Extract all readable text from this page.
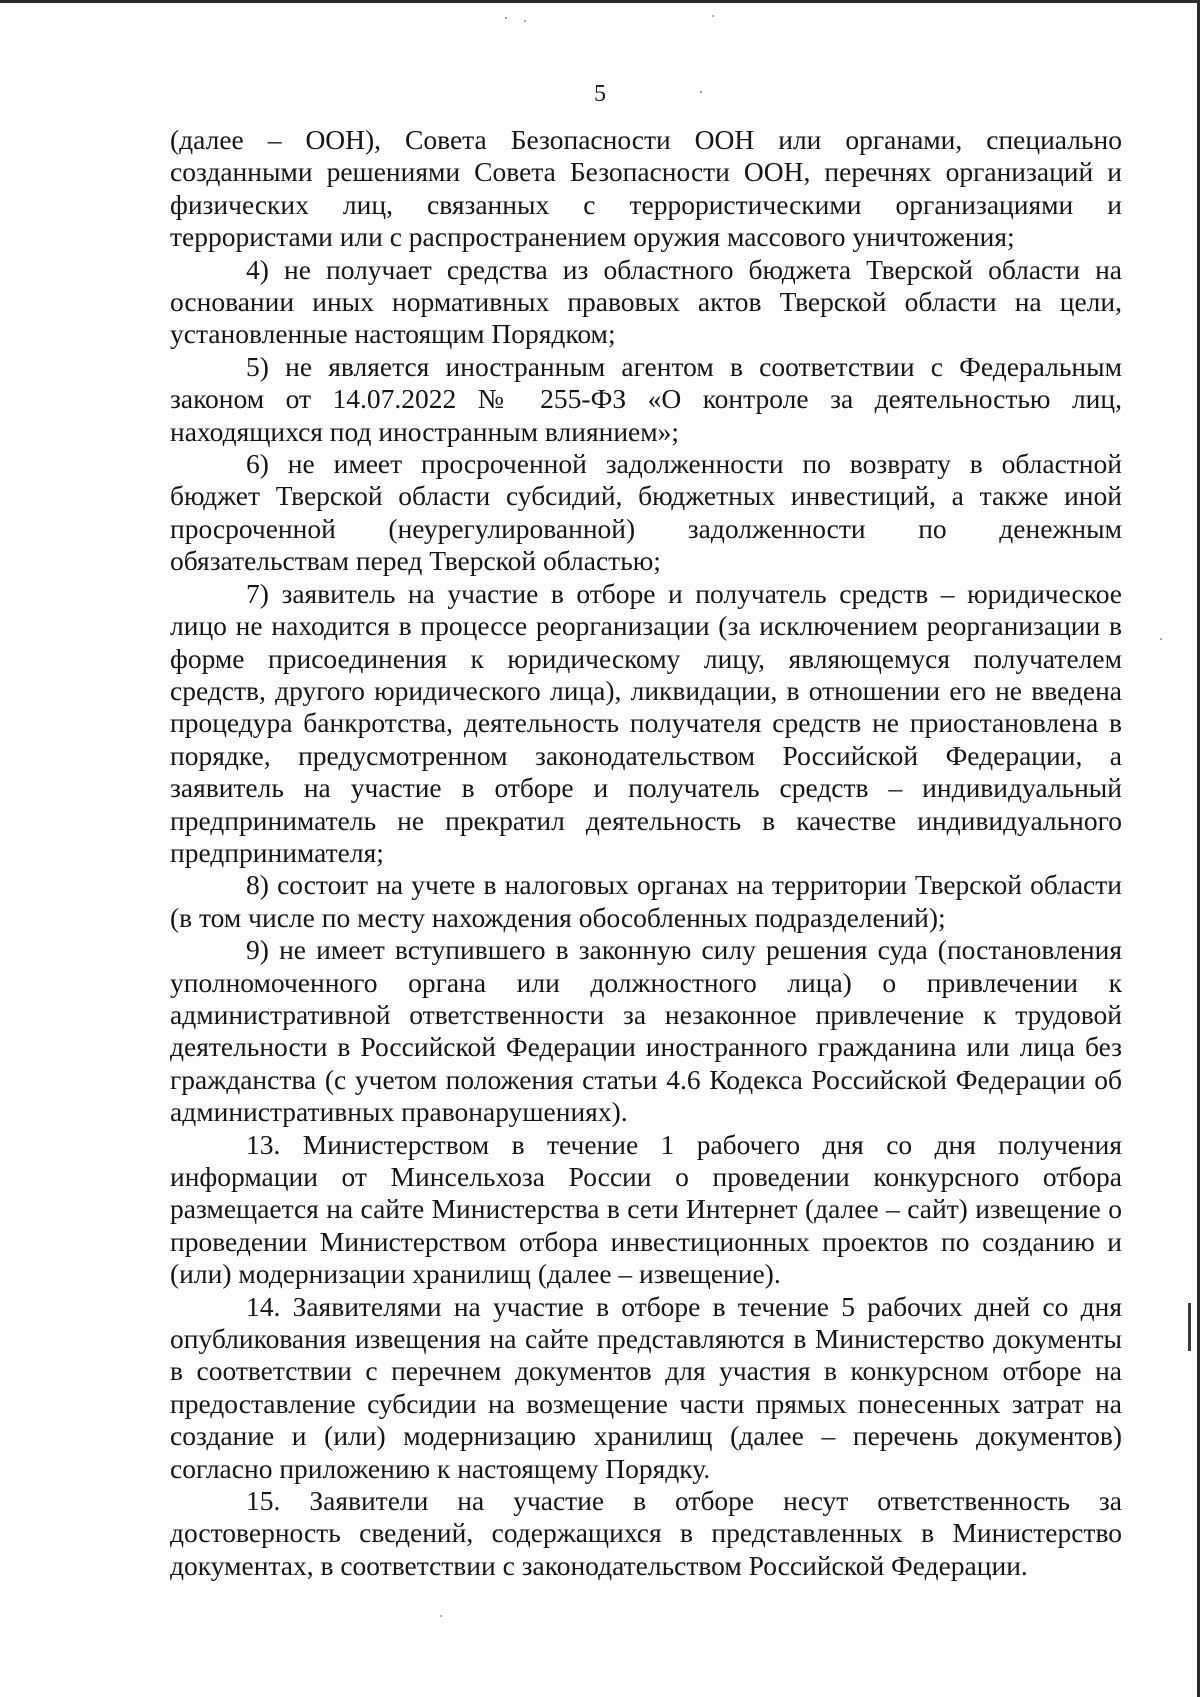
5

(далее – ООН), Совета Безопасности ООН или органами, специально созданными решениями Совета Безопасности ООН, перечнях организаций и физических лиц, связанных с террористическими организациями и террористами или с распространением оружия массового уничтожения;

4) не получает средства из областного бюджета Тверской области на основании иных нормативных правовых актов Тверской области на цели, установленные настоящим Порядком;

5) не является иностранным агентом в соответствии с Федеральным законом от 14.07.2022 № 255-ФЗ «О контроле за деятельностью лиц, находящихся под иностранным влиянием»;

6) не имеет просроченной задолженности по возврату в областной бюджет Тверской области субсидий, бюджетных инвестиций, а также иной просроченной (неурегулированной) задолженности по денежным обязательствам перед Тверской областью;

7) заявитель на участие в отборе и получатель средств – юридическое лицо не находится в процессе реорганизации (за исключением реорганизации в форме присоединения к юридическому лицу, являющемуся получателем средств, другого юридического лица), ликвидации, в отношении его не введена процедура банкротства, деятельность получателя средств не приостановлена в порядке, предусмотренном законодательством Российской Федерации, а заявитель на участие в отборе и получатель средств – индивидуальный предприниматель не прекратил деятельность в качестве индивидуального предпринимателя;

8) состоит на учете в налоговых органах на территории Тверской области (в том числе по месту нахождения обособленных подразделений);

9) не имеет вступившего в законную силу решения суда (постановления уполномоченного органа или должностного лица) о привлечении к административной ответственности за незаконное привлечение к трудовой деятельности в Российской Федерации иностранного гражданина или лица без гражданства (с учетом положения статьи 4.6 Кодекса Российской Федерации об административных правонарушениях).

13. Министерством в течение 1 рабочего дня со дня получения информации от Минсельхоза России о проведении конкурсного отбора размещается на сайте Министерства в сети Интернет (далее – сайт) извещение о проведении Министерством отбора инвестиционных проектов по созданию и (или) модернизации хранилищ (далее – извещение).

14. Заявителями на участие в отборе в течение 5 рабочих дней со дня опубликования извещения на сайте представляются в Министерство документы в соответствии с перечнем документов для участия в конкурсном отборе на предоставление субсидии на возмещение части прямых понесенных затрат на создание и (или) модернизацию хранилищ (далее – перечень документов) согласно приложению к настоящему Порядку.

15. Заявители на участие в отборе несут ответственность за достоверность сведений, содержащихся в представленных в Министерство документах, в соответствии с законодательством Российской Федерации.
